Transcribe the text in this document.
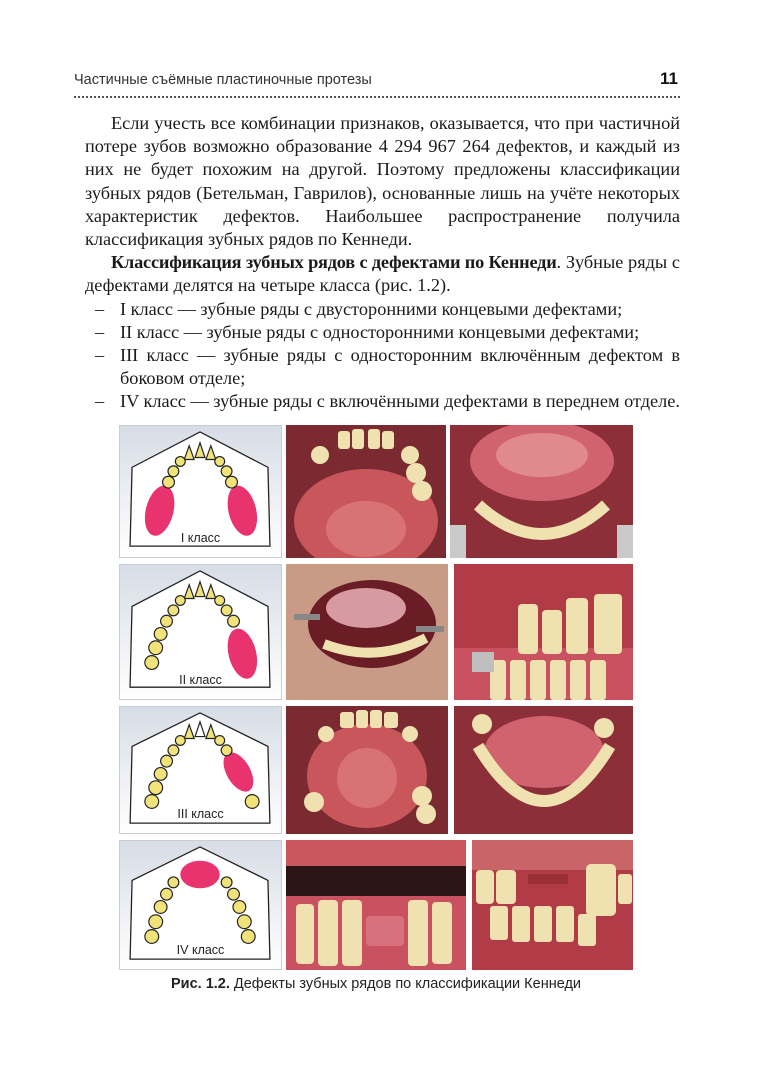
Частичные съёмные пластиночные протезы	11

Если учесть все комбинации признаков, оказывается, что при частичной потере зубов возможно образование 4 294 967 264 дефектов, и каждый из них не будет похожим на другой. Поэтому предложены классификации зубных рядов (Бетельман, Гаврилов), основанные лишь на учёте некоторых характеристик дефектов. Наибольшее распространение получила классификация зубных рядов по Кеннеди.

Классификация зубных рядов с дефектами по Кеннеди. Зубные ряды с дефектами делятся на четыре класса (рис. 1.2).

– I класс — зубные ряды с двусторонними концевыми дефектами;
– II класс — зубные ряды с односторонними концевыми дефектами;
– III класс — зубные ряды с односторонним включённым дефектом в боковом отделе;
– IV класс — зубные ряды с включёнными дефектами в переднем отделе.
I класс
II класс
III класс
IV класс
Рис. 1.2. Дефекты зубных рядов по классификации Кеннеди
